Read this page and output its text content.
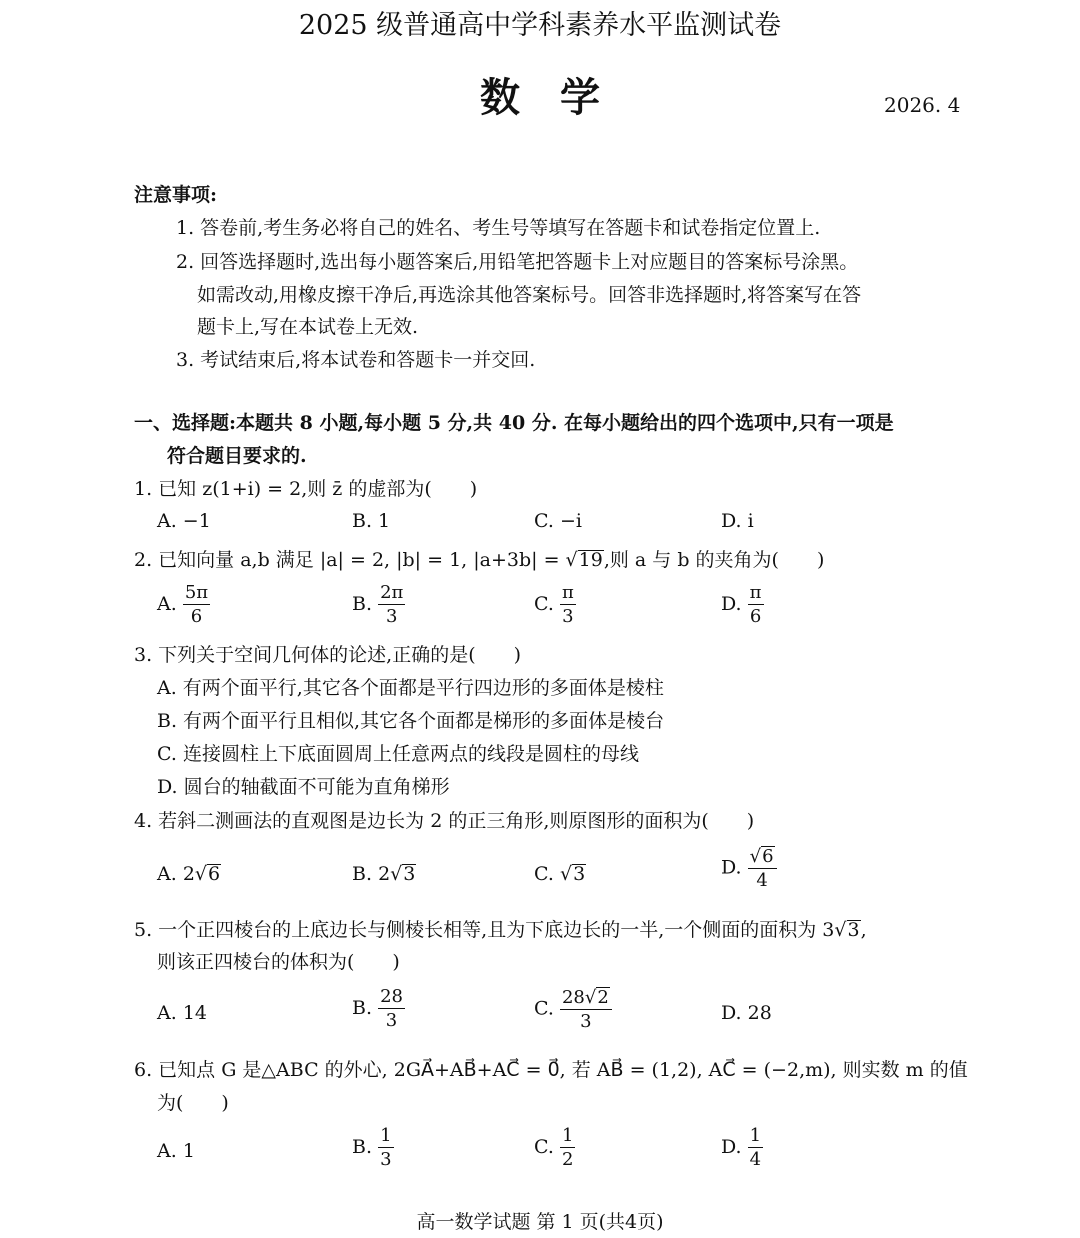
2025 级普通高中学科素养水平监测试卷
数学	2026. 4
注意事项:
1. 答卷前,考生务必将自己的姓名、考生号等填写在答题卡和试卷指定位置上.
2. 回答选择题时,选出每小题答案后,用铅笔把答题卡上对应题目的答案标号涂黑。
如需改动,用橡皮擦干净后,再选涂其他答案标号。回答非选择题时,将答案写在答
题卡上,写在本试卷上无效.
3. 考试结束后,将本试卷和答题卡一并交回.
一、选择题:本题共 8 小题,每小题 5 分,共 40 分. 在每小题给出的四个选项中,只有一项是
符合题目要求的.
1. 已知 z(1+i) = 2,则 z̄ 的虚部为(　　)
A. −1	B. 1	C. −i	D. i
2. 已知向量 a,b 满足 |a| = 2, |b| = 1, |a+3b| = √19,则 a 与 b 的夹角为(　　)
A. $\frac{5\pi}{6}$	B. $\frac{2\pi}{3}$	C. $\frac{\pi}{3}$	D. $\frac{\pi}{6}$
3. 下列关于空间几何体的论述,正确的是(　　)
A. 有两个面平行,其它各个面都是平行四边形的多面体是棱柱
B. 有两个面平行且相似,其它各个面都是梯形的多面体是棱台
C. 连接圆柱上下底面圆周上任意两点的线段是圆柱的母线
D. 圆台的轴截面不可能为直角梯形
4. 若斜二测画法的直观图是边长为 2 的正三角形,则原图形的面积为(　　)
A. 2√6	B. 2√3	C. √3	D. $\frac{√6}{4}$
5. 一个正四棱台的上底边长与侧棱长相等,且为下底边长的一半,一个侧面的面积为 3√3,
则该正四棱台的体积为(　　)
A. 14	B. $\frac{28}{3}$	C. $\frac{28√2}{3}$	D. 28
6. 已知点 G 是△ABC 的外心, 2GA⃗+AB⃗+AC⃗ = 0⃗, 若 AB⃗ = (1,2), AC⃗ = (−2,m), 则实数 m 的值
为(　　)
A. 1	B. $\frac{1}{3}$	C. $\frac{1}{2}$	D. $\frac{1}{4}$
高一数学试题 第 1 页(共4页)
